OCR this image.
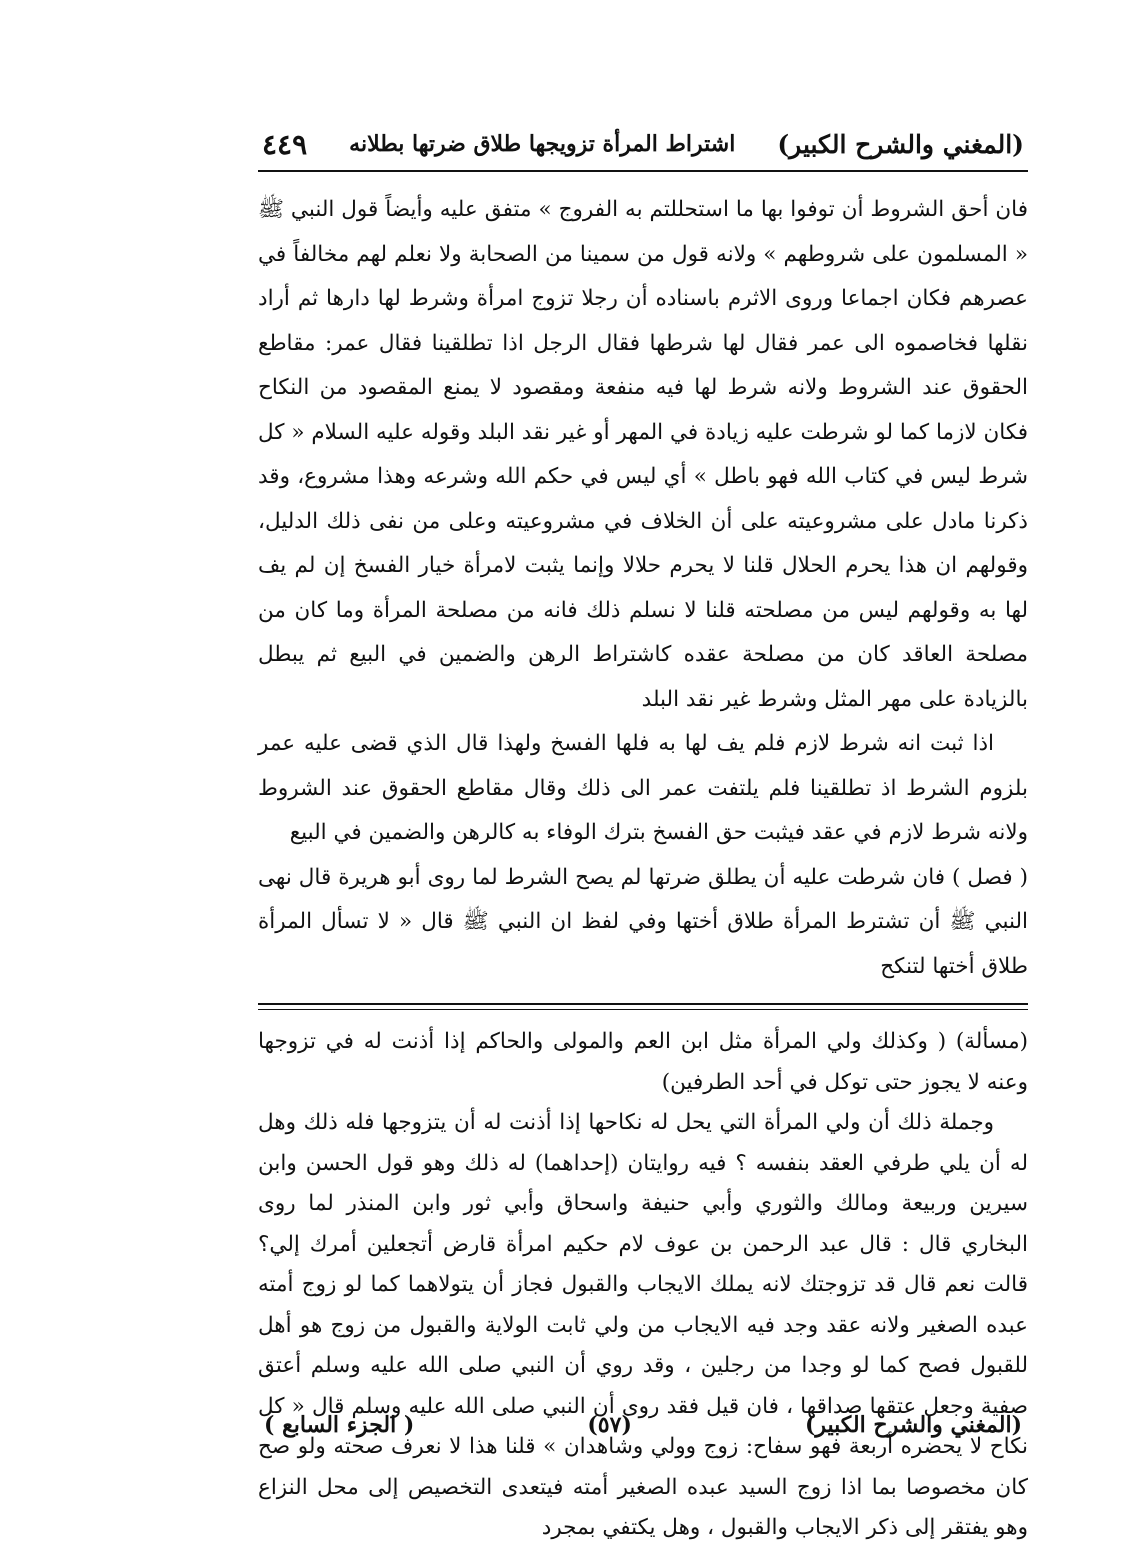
(المغني والشرح الكبير)
اشتراط المرأة تزويجها طلاق ضرتها بطلانه
٤٤٩

فان أحق الشروط أن توفوا بها ما استحللتم به الفروج » متفق عليه وأيضاً قول النبي ﷺ « المسلمون على شروطهم » ولانه قول من سمينا من الصحابة ولا نعلم لهم مخالفاً في عصرهم فكان اجماعا وروى الاثرم باسناده أن رجلا تزوج امرأة وشرط لها دارها ثم أراد نقلها فخاصموه الى عمر فقال لها شرطها فقال الرجل اذا تطلقينا فقال عمر: مقاطع الحقوق عند الشروط ولانه شرط لها فيه منفعة ومقصود لا يمنع المقصود من النكاح فكان لازما كما لو شرطت عليه زيادة في المهر أو غير نقد البلد وقوله عليه السلام « كل شرط ليس في كتاب الله فهو باطل » أي ليس في حكم الله وشرعه وهذا مشروع، وقد ذكرنا مادل على مشروعيته على أن الخلاف في مشروعيته وعلى من نفى ذلك الدليل، وقولهم ان هذا يحرم الحلال قلنا لا يحرم حلالا وإنما يثبت لامرأة خيار الفسخ إن لم يف لها به وقولهم ليس من مصلحته قلنا لا نسلم ذلك فانه من مصلحة المرأة وما كان من مصلحة العاقد كان من مصلحة عقده كاشتراط الرهن والضمين في البيع ثم يبطل بالزيادة على مهر المثل وشرط غير نقد البلد

اذا ثبت انه شرط لازم فلم يف لها به فلها الفسخ ولهذا قال الذي قضى عليه عمر بلزوم الشرط اذ تطلقينا فلم يلتفت عمر الى ذلك وقال مقاطع الحقوق عند الشروط ولانه شرط لازم في عقد فيثبت حق الفسخ بترك الوفاء به كالرهن والضمين في البيع

( فصل ) فان شرطت عليه أن يطلق ضرتها لم يصح الشرط لما روى أبو هريرة قال نهى النبي ﷺ أن تشترط المرأة طلاق أختها وفي لفظ ان النبي ﷺ قال « لا تسأل المرأة طلاق أختها لتنكح

(مسألة) ( وكذلك ولي المرأة مثل ابن العم والمولى والحاكم إذا أذنت له في تزوجها وعنه لا يجوز حتى توكل في أحد الطرفين)

وجملة ذلك أن ولي المرأة التي يحل له نكاحها إذا أذنت له أن يتزوجها فله ذلك وهل له أن يلي طرفي العقد بنفسه ؟ فيه روايتان (إحداهما) له ذلك وهو قول الحسن وابن سيرين وربيعة ومالك والثوري وأبي حنيفة واسحاق وأبي ثور وابن المنذر لما روى البخاري قال : قال عبد الرحمن بن عوف لام حكيم امرأة قارض أتجعلين أمرك إلي؟ قالت نعم قال قد تزوجتك لانه يملك الايجاب والقبول فجاز أن يتولاهما كما لو زوج أمته عبده الصغير ولانه عقد وجد فيه الايجاب من ولي ثابت الولاية والقبول من زوج هو أهل للقبول فصح كما لو وجدا من رجلين ، وقد روي أن النبي صلى الله عليه وسلم أعتق صفية وجعل عتقها صداقها ، فان قيل فقد روى أن النبي صلى الله عليه وسلم قال « كل نكاح لا يحضره أربعة فهو سفاح: زوج وولي وشاهدان » قلنا هذا لا نعرف صحته ولو صح كان مخصوصا بما اذا زوج السيد عبده الصغير أمته فيتعدى التخصيص إلى محل النزاع وهو يفتقر إلى ذكر الايجاب والقبول ، وهل يكتفي بمجرد

(المغني والشرح الكبير)
(٥٧)
( الجزء السابع )
